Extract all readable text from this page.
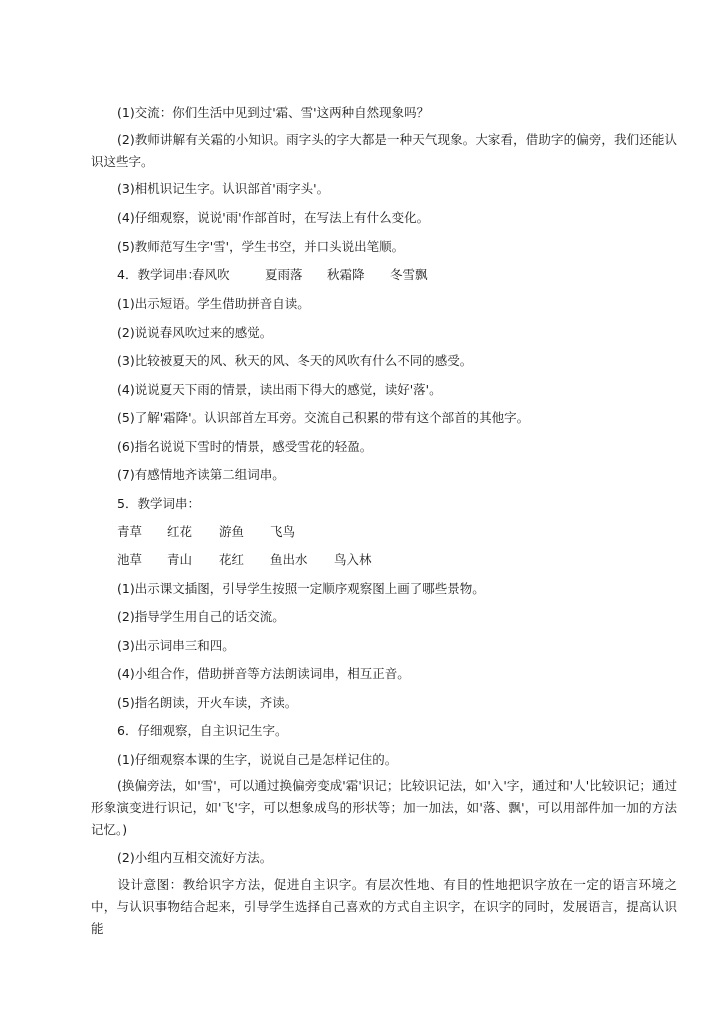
(1)交流：你们生活中见到过'霜、雪'这两种自然现象吗？
(2)教师讲解有关霜的小知识。雨字头的字大都是一种天气现象。大家看，借助字的偏旁，我们还能认识这些字。
(3)相机识记生字。认识部首'雨字头'。
(4)仔细观察，说说'雨'作部首时，在写法上有什么变化。
(5)教师范写生字'雪'，学生书空，并口头说出笔顺。
4．教学词串：
春风吹	夏雨落 秋霜降 冬雪飘
(1)出示短语。学生借助拼音自读。
(2)说说春风吹过来的感觉。
(3)比较被夏天的风、秋天的风、冬天的风吹有什么不同的感受。
(4)说说夏天下雨的情景，读出雨下得大的感觉，读好'落'。
(5)了解'霜降'。认识部首左耳旁。交流自己积累的带有这个部首的其他字。
(6)指名说说下雪时的情景，感受雪花的轻盈。
(7)有感情地齐读第二组词串。
5．教学词串：
青草 红花 游鱼 飞鸟
池草 青山 花红 鱼出水 鸟入林
(1)出示课文插图，引导学生按照一定顺序观察图上画了哪些景物。
(2)指导学生用自己的话交流。
(3)出示词串三和四。
(4)小组合作，借助拼音等方法朗读词串，相互正音。
(5)指名朗读，开火车读，齐读。
6．仔细观察，自主识记生字。
(1)仔细观察本课的生字，说说自己是怎样记住的。
(换偏旁法，如'雪'，可以通过换偏旁变成'霜'识记；比较识记法，如'入'字，通过和'人'比较识记；通过形象演变进行识记，如'飞'字，可以想象成鸟的形状等；加一加法，如'落、飘'，可以用部件加一加的方法记忆。)
(2)小组内互相交流好方法。
设计意图：教给识字方法，促进自主识字。有层次性地、有目的性地把识字放在一定的语言环境之中，与认识事物结合起来，引导学生选择自己喜欢的方式自主识字，在识字的同时，发展语言，提高认识能
